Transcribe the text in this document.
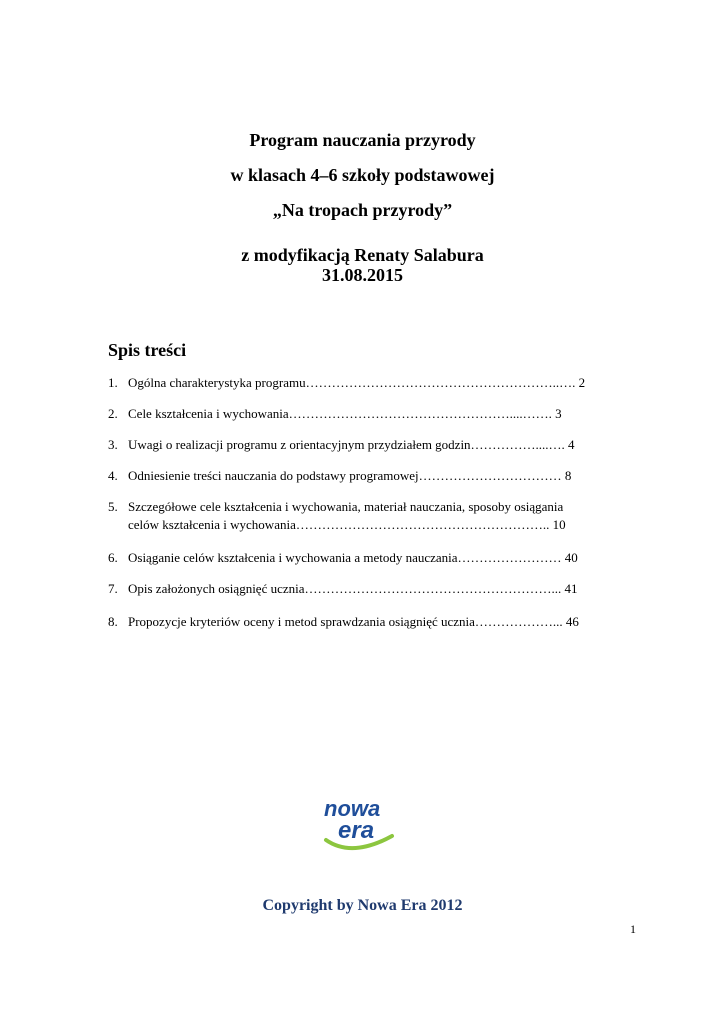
Program nauczania przyrody
w klasach 4–6 szkoły podstawowej
„Na tropach przyrody”
z modyfikacją Renaty Salabura
31.08.2015
Spis treści
1. Ogólna charakterystyka programu…………………………………………………..…. 2
2. Cele kształcenia i wychowania……………………………………………....……. 3
3. Uwagi o realizacji programu z orientacyjnym przydziałem godzin……………....…. 4
4. Odniesienie treści nauczania do podstawy programowej…………………………… 8
5. Szczegółowe cele kształcenia i wychowania, materiał nauczania, sposoby osiągania
celów kształcenia i wychowania………………………………………………….. 10
6. Osiąganie celów kształcenia i wychowania a metody nauczania…………………… 40
7. Opis założonych osiągnięć ucznia…………………………………………………... 41
8. Propozycje kryteriów oceny i metod sprawdzania osiągnięć ucznia………………... 46
nowa
era
Copyright by Nowa Era 2012
1
